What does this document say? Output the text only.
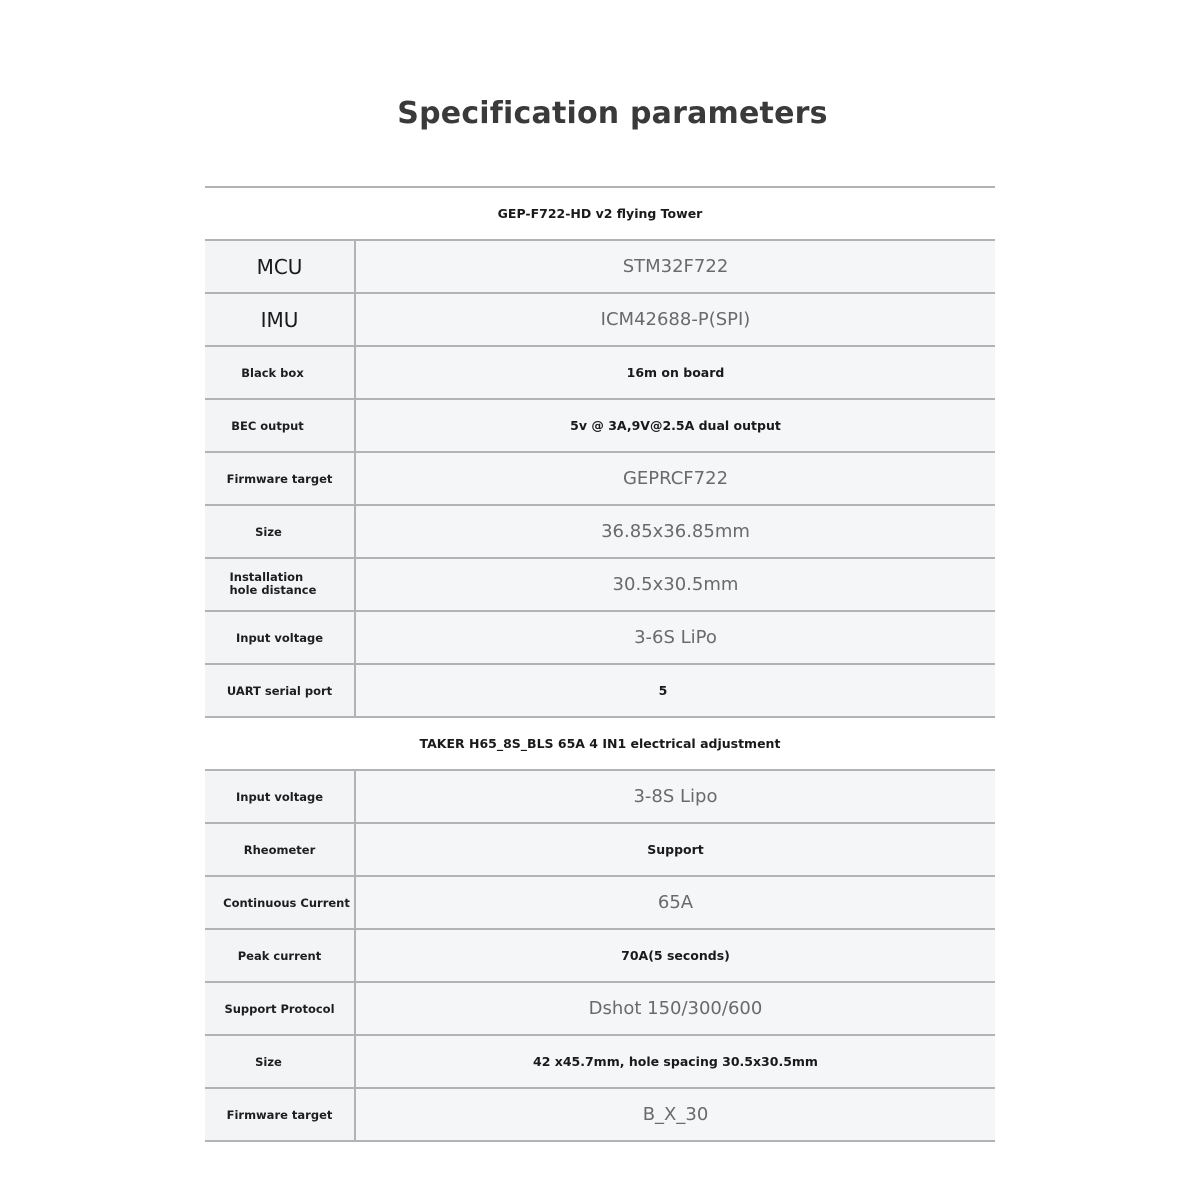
Specification parameters

GEP-F722-HD v2 flying Tower	
MCU	STM32F722
IMU	ICM42688-P(SPI)
Black box	16m on board
BEC output	5v @ 3A,9V@2.5A dual output
Firmware target	GEPRCF722
Size	36.85x36.85mm
Installation hole distance	30.5x30.5mm
Input voltage	3-6S LiPo
UART serial port	5
TAKER H65_8S_BLS 65A 4 IN1 electrical adjustment	
Input voltage	3-8S Lipo
Rheometer	Support
Continuous Current	65A
Peak current	70A(5 seconds)
Support Protocol	Dshot 150/300/600
Size	42 x45.7mm, hole spacing 30.5x30.5mm
Firmware target	B_X_30
